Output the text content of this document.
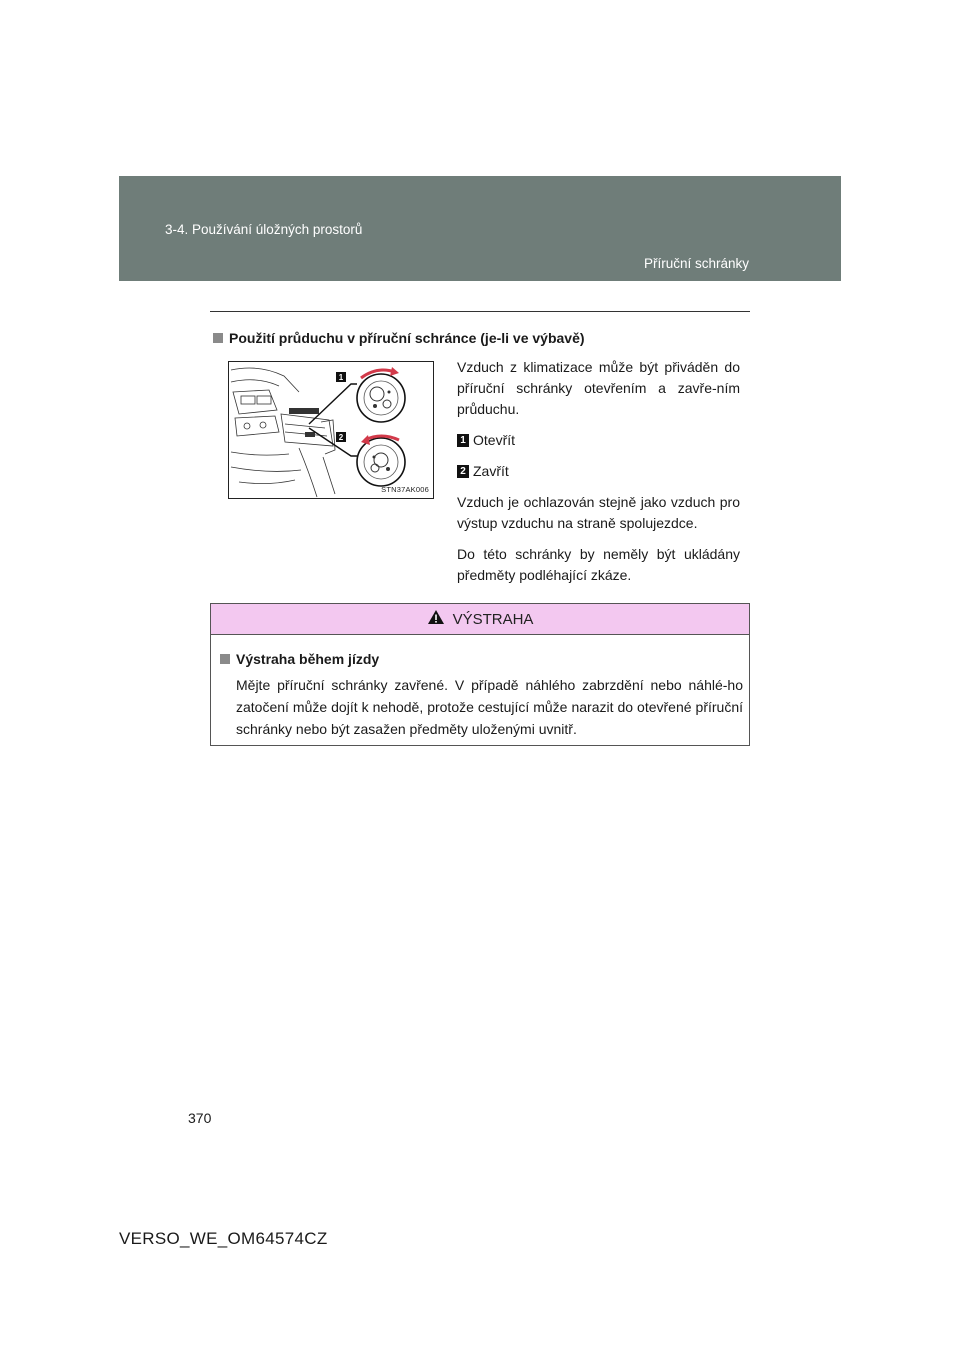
3-4. Používání úložných prostorů
Příruční schránky
Použití průduchu v příruční schránce (je-li ve výbavě)
1
2
STN37AK006

Vzduch z klimatizace může být přiváděn do příruční schránky otevřením a zavře-ním průduchu.

1 Otevřít
2 Zavřít

Vzduch je ochlazován stejně jako vzduch pro výstup vzduchu na straně spolujezdce.

Do této schránky by neměly být ukládány předměty podléhající zkáze.

VÝSTRAHA
Výstraha během jízdy
Mějte příruční schránky zavřené. V případě náhlého zabrzdění nebo náhlé-ho zatočení může dojít k nehodě, protože cestující může narazit do otevřené příruční schránky nebo být zasažen předměty uloženými uvnitř.
370
VERSO_WE_OM64574CZ
